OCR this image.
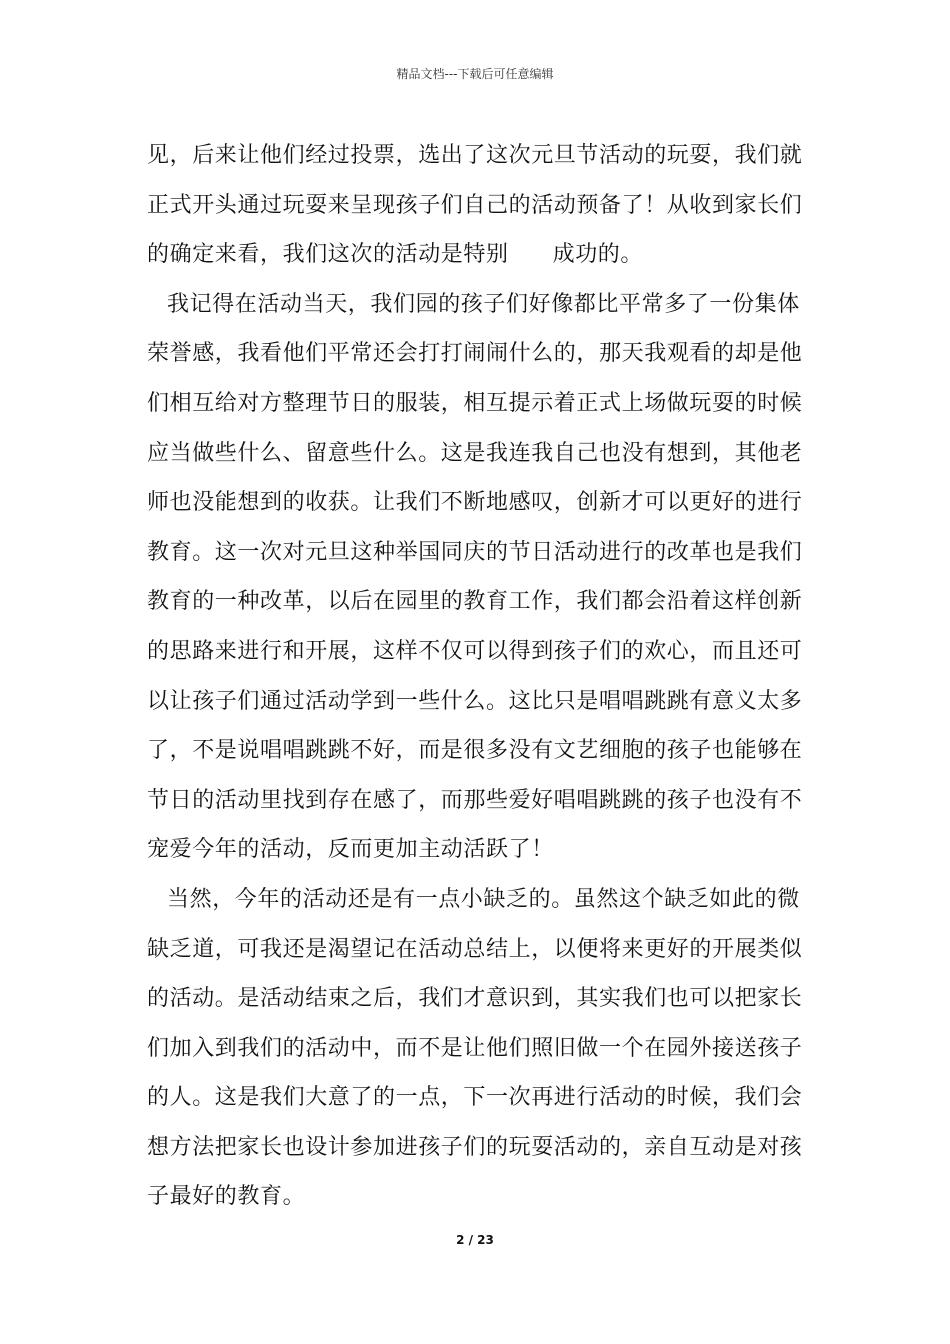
精品文档---下载后可任意编辑
见，后来让他们经过投票，选出了这次元旦节活动的玩耍，我们就
正式开头通过玩耍来呈现孩子们自己的活动预备了！从收到家长们
的确定来看，我们这次的活动是特别 成功的。
我记得在活动当天，我们园的孩子们好像都比平常多了一份集体
荣誉感，我看他们平常还会打打闹闹什么的，那天我观看的却是他
们相互给对方整理节日的服装，相互提示着正式上场做玩耍的时候
应当做些什么、留意些什么。这是我连我自己也没有想到，其他老
师也没能想到的收获。让我们不断地感叹，创新才可以更好的进行
教育。这一次对元旦这种举国同庆的节日活动进行的改革也是我们
教育的一种改革，以后在园里的教育工作，我们都会沿着这样创新
的思路来进行和开展，这样不仅可以得到孩子们的欢心，而且还可
以让孩子们通过活动学到一些什么。这比只是唱唱跳跳有意义太多
了，不是说唱唱跳跳不好，而是很多没有文艺细胞的孩子也能够在
节日的活动里找到存在感了，而那些爱好唱唱跳跳的孩子也没有不
宠爱今年的活动，反而更加主动活跃了！
当然，今年的活动还是有一点小缺乏的。虽然这个缺乏如此的微
缺乏道，可我还是渴望记在活动总结上，以便将来更好的开展类似
的活动。是活动结束之后，我们才意识到，其实我们也可以把家长
们加入到我们的活动中，而不是让他们照旧做一个在园外接送孩子
的人。这是我们大意了的一点，下一次再进行活动的时候，我们会
想方法把家长也设计参加进孩子们的玩耍活动的，亲自互动是对孩
子最好的教育。
2 / 23
